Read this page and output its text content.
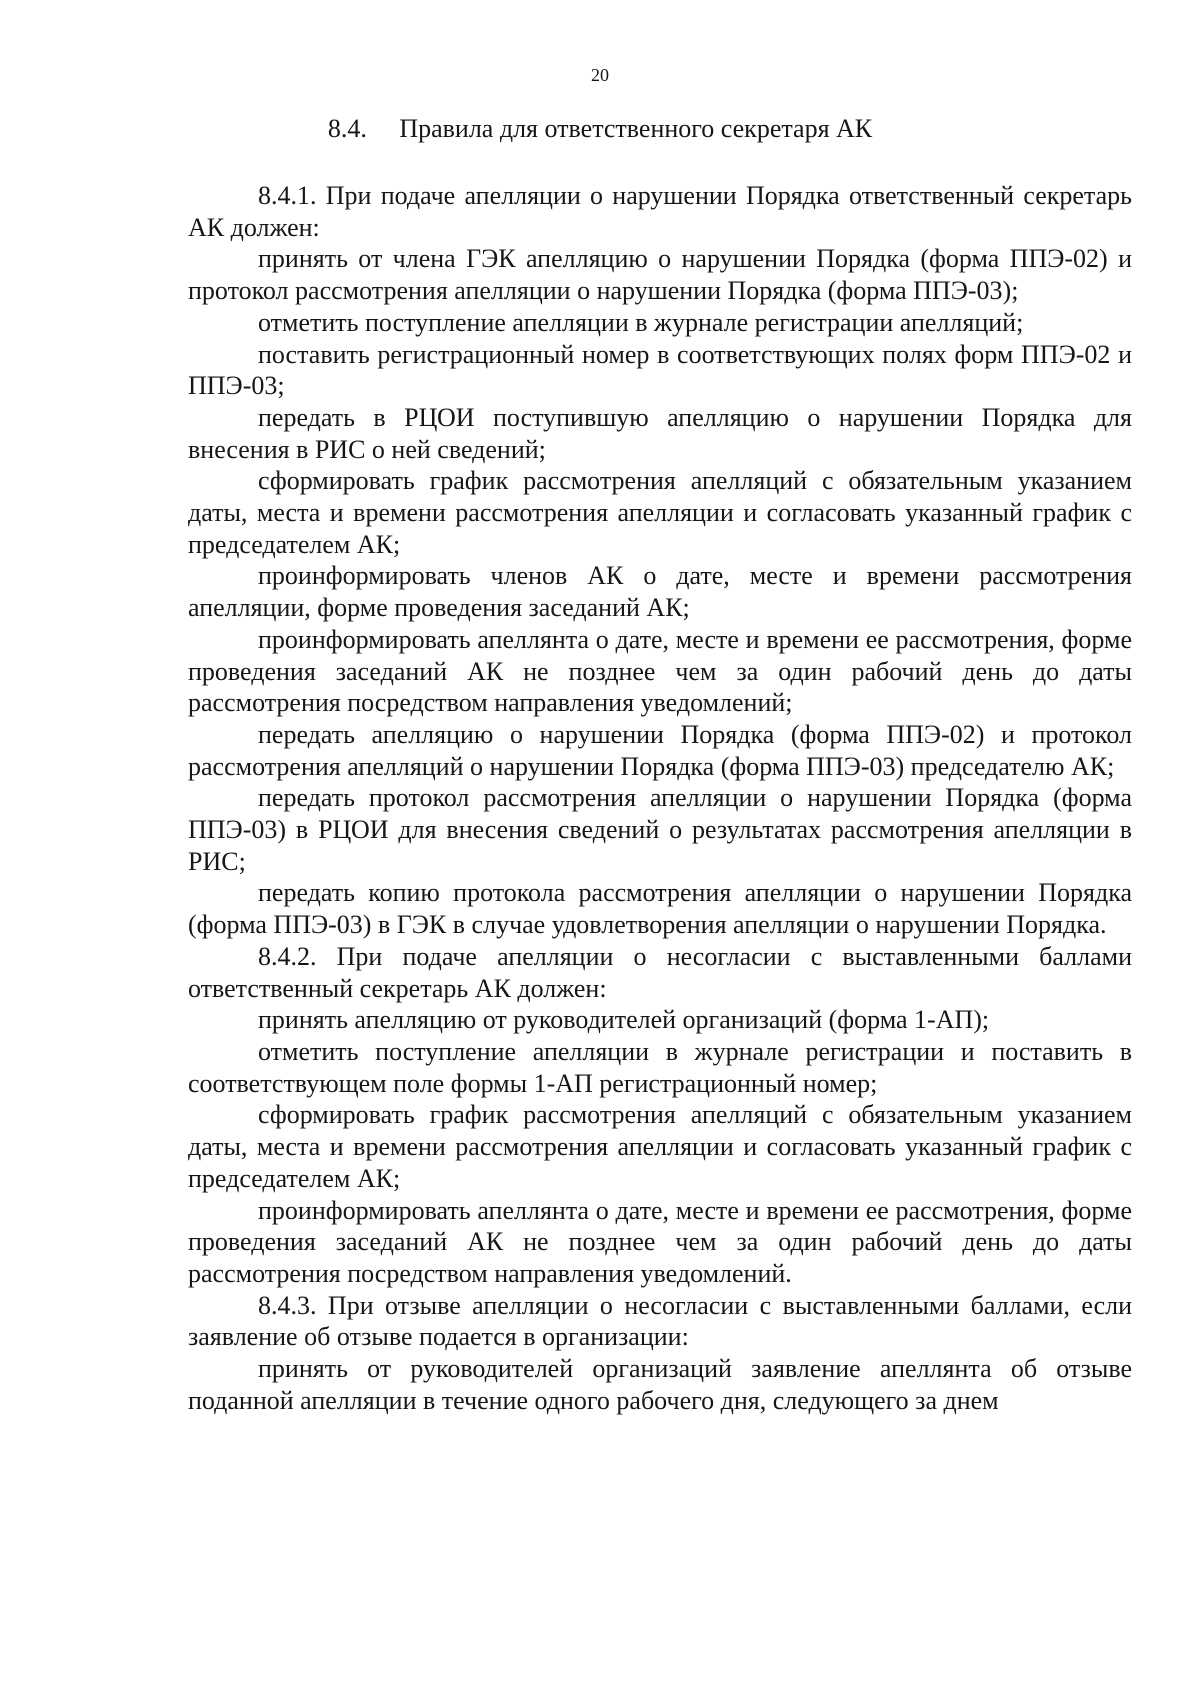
20
8.4.     Правила для ответственного секретаря АК

8.4.1. При подаче апелляции о нарушении Порядка ответственный секретарь АК должен:

принять от члена ГЭК апелляцию о нарушении Порядка (форма ППЭ-02) и протокол рассмотрения апелляции о нарушении Порядка (форма ППЭ-03);

отметить поступление апелляции в журнале регистрации апелляций;

поставить регистрационный номер в соответствующих полях форм ППЭ-02 и ППЭ-03;

передать в РЦОИ поступившую апелляцию о нарушении Порядка для внесения в РИС о ней сведений;

сформировать график рассмотрения апелляций с обязательным указанием даты, места и времени рассмотрения апелляции и согласовать указанный график с председателем АК;

проинформировать членов АК о дате, месте и времени рассмотрения апелляции, форме проведения заседаний АК;

проинформировать апеллянта о дате, месте и времени ее рассмотрения, форме проведения заседаний АК не позднее чем за один рабочий день до даты рассмотрения посредством направления уведомлений;

передать апелляцию о нарушении Порядка (форма ППЭ-02) и протокол рассмотрения апелляций о нарушении Порядка (форма ППЭ-03) председателю АК;

передать протокол рассмотрения апелляции о нарушении Порядка (форма ППЭ-03) в РЦОИ для внесения сведений о результатах рассмотрения апелляции в РИС;

передать копию протокола рассмотрения апелляции о нарушении Порядка (форма ППЭ-03) в ГЭК в случае удовлетворения апелляции о нарушении Порядка.

8.4.2. При подаче апелляции о несогласии с выставленными баллами ответственный секретарь АК должен:

принять апелляцию от руководителей организаций (форма 1-АП);

отметить поступление апелляции в журнале регистрации и поставить в соответствующем поле формы 1-АП регистрационный номер;

сформировать график рассмотрения апелляций с обязательным указанием даты, места и времени рассмотрения апелляции и согласовать указанный график с председателем АК;

проинформировать апеллянта о дате, месте и времени ее рассмотрения, форме проведения заседаний АК не позднее чем за один рабочий день до даты рассмотрения посредством направления уведомлений.

8.4.3. При отзыве апелляции о несогласии с выставленными баллами, если заявление об отзыве подается в организации:

принять от руководителей организаций заявление апеллянта об отзыве поданной апелляции в течение одного рабочего дня, следующего за днем
